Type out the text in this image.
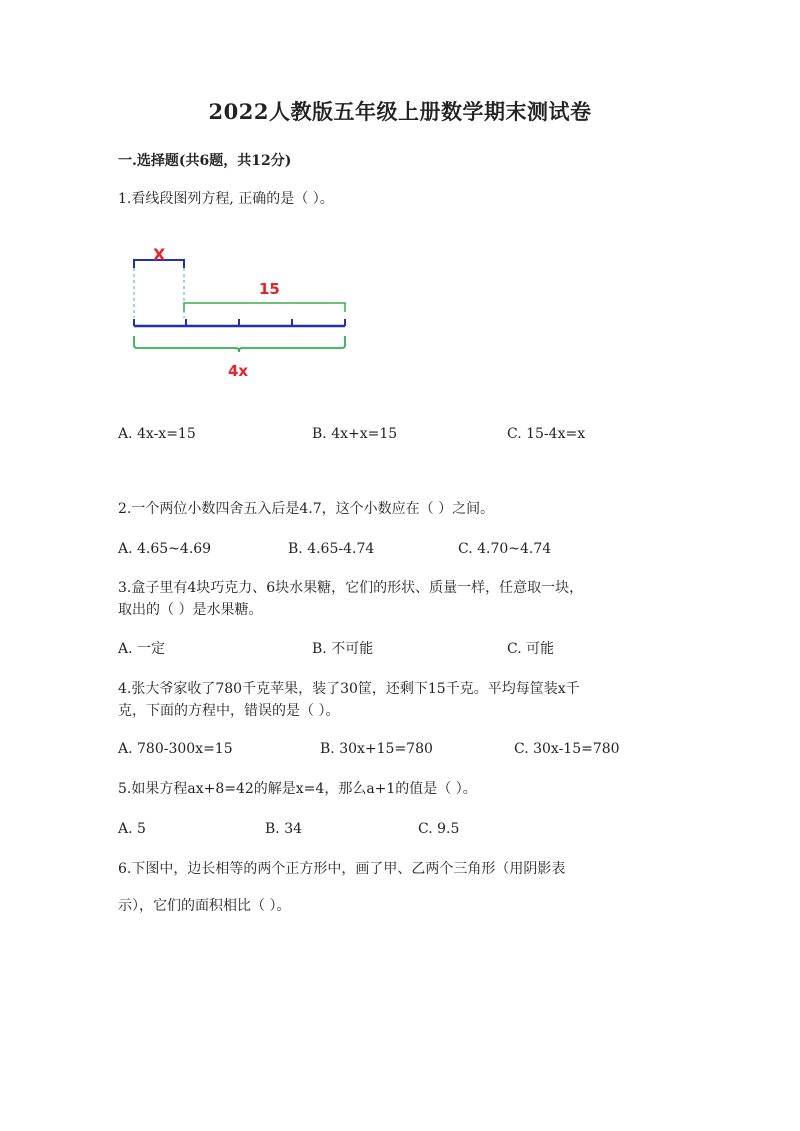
2022人教版五年级上册数学期末测试卷
一.选择题(共6题，共12分)
1.看线段图列方程, 正确的是（ ）。
X
15
4x
A. 4x-x=15	B. 4x+x=15	C. 15-4x=x
2.一个两位小数四舍五入后是4.7，这个小数应在（ ）之间。
A. 4.65~4.69	B. 4.65-4.74	C. 4.70~4.74
3.盒子里有4块巧克力、6块水果糖，它们的形状、质量一样，任意取一块，
取出的（ ）是水果糖。
A. 一定	B. 不可能	C. 可能
4.张大爷家收了780千克苹果，装了30筐，还剩下15千克。平均每筐装x千
克，下面的方程中，错误的是（ ）。
A. 780-300x=15	B. 30x+15=780	C. 30x-15=780
5.如果方程ax+8=42的解是x=4，那么a+1的值是（ ）。
A. 5	B. 34	C. 9.5
6.下图中，边长相等的两个正方形中，画了甲、乙两个三角形（用阴影表
示），它们的面积相比（ ）。
